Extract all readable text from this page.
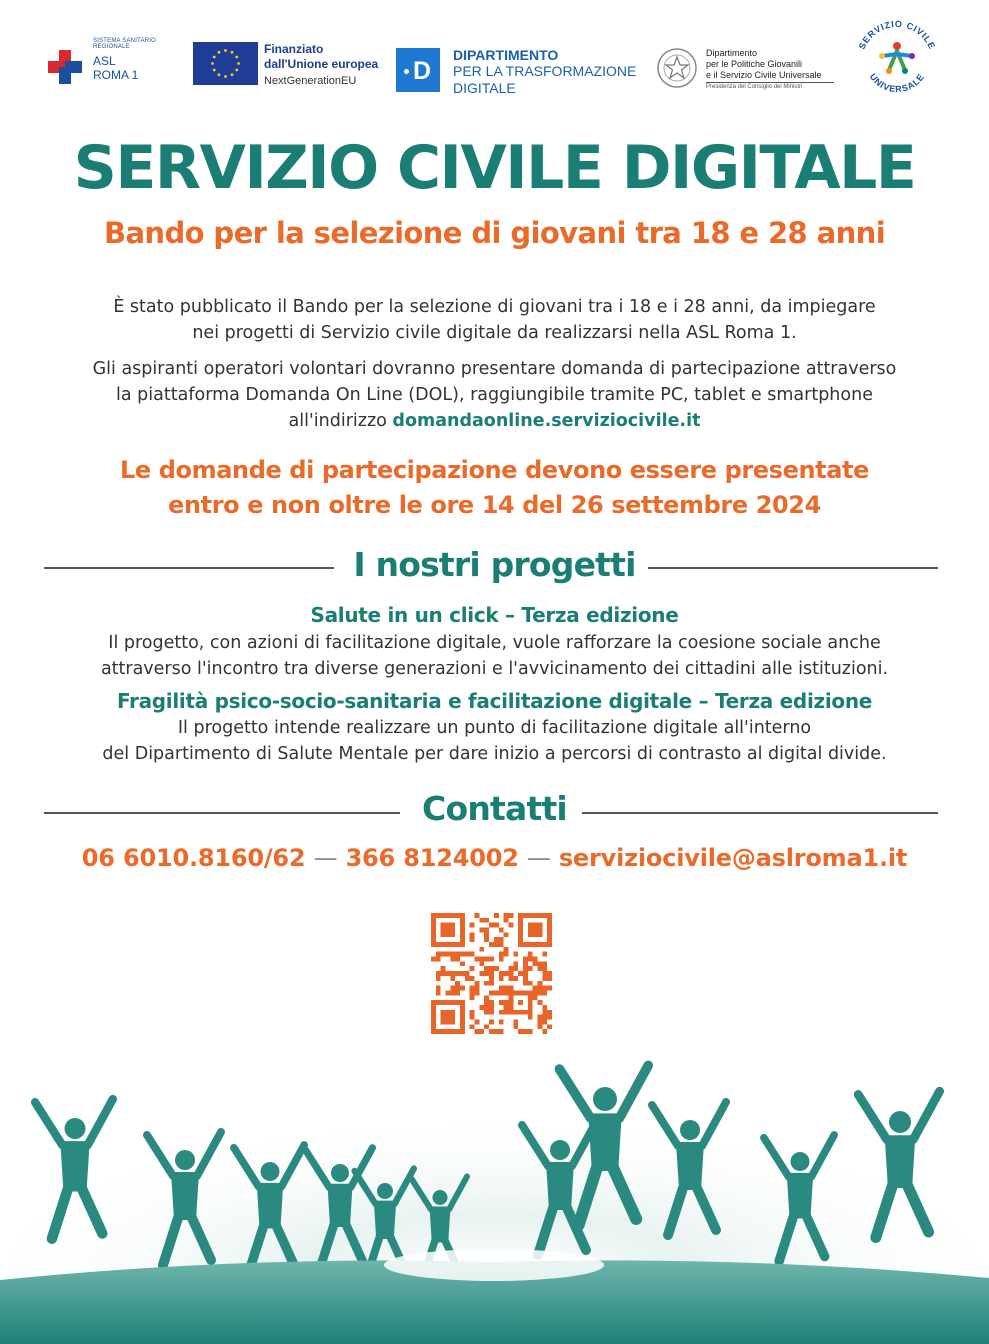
SISTEMA SANITARIO REGIONALE
ASL
ROMA 1
Finanziato
dall'Unione europea
NextGenerationEU D
DIPARTIMENTO
PER LA TRASFORMAZIONE
DIGITALE
Dipartimento
per le Politiche Giovanili
e il Servizio Civile Universale
Presidenza del Consiglio dei Ministri
SERVIZIO CIVILE
UNIVERSALE
SERVIZIO CIVILE DIGITALE
Bando per la selezione di giovani tra 18 e 28 anni
È stato pubblicato il Bando per la selezione di giovani tra i 18 e i 28 anni, da impiegare
nei progetti di Servizio civile digitale da realizzarsi nella ASL Roma 1.
Gli aspiranti operatori volontari dovranno presentare domanda di partecipazione attraverso
la piattaforma Domanda On Line (DOL), raggiungibile tramite PC, tablet e smartphone
all'indirizzo domandaonline.serviziocivile.it
Le domande di partecipazione devono essere presentate
entro e non oltre le ore 14 del 26 settembre 2024
I nostri progetti
Salute in un click – Terza edizione
Il progetto, con azioni di facilitazione digitale, vuole rafforzare la coesione sociale anche
attraverso l'incontro tra diverse generazioni e l'avvicinamento dei cittadini alle istituzioni.
Fragilità psico-socio-sanitaria e facilitazione digitale – Terza edizione
Il progetto intende realizzare un punto di facilitazione digitale all'interno
del Dipartimento di Salute Mentale per dare inizio a percorsi di contrasto al digital divide.
Contatti
06 6010.8160/62 — 366 8124002 — serviziocivile@aslroma1.it
